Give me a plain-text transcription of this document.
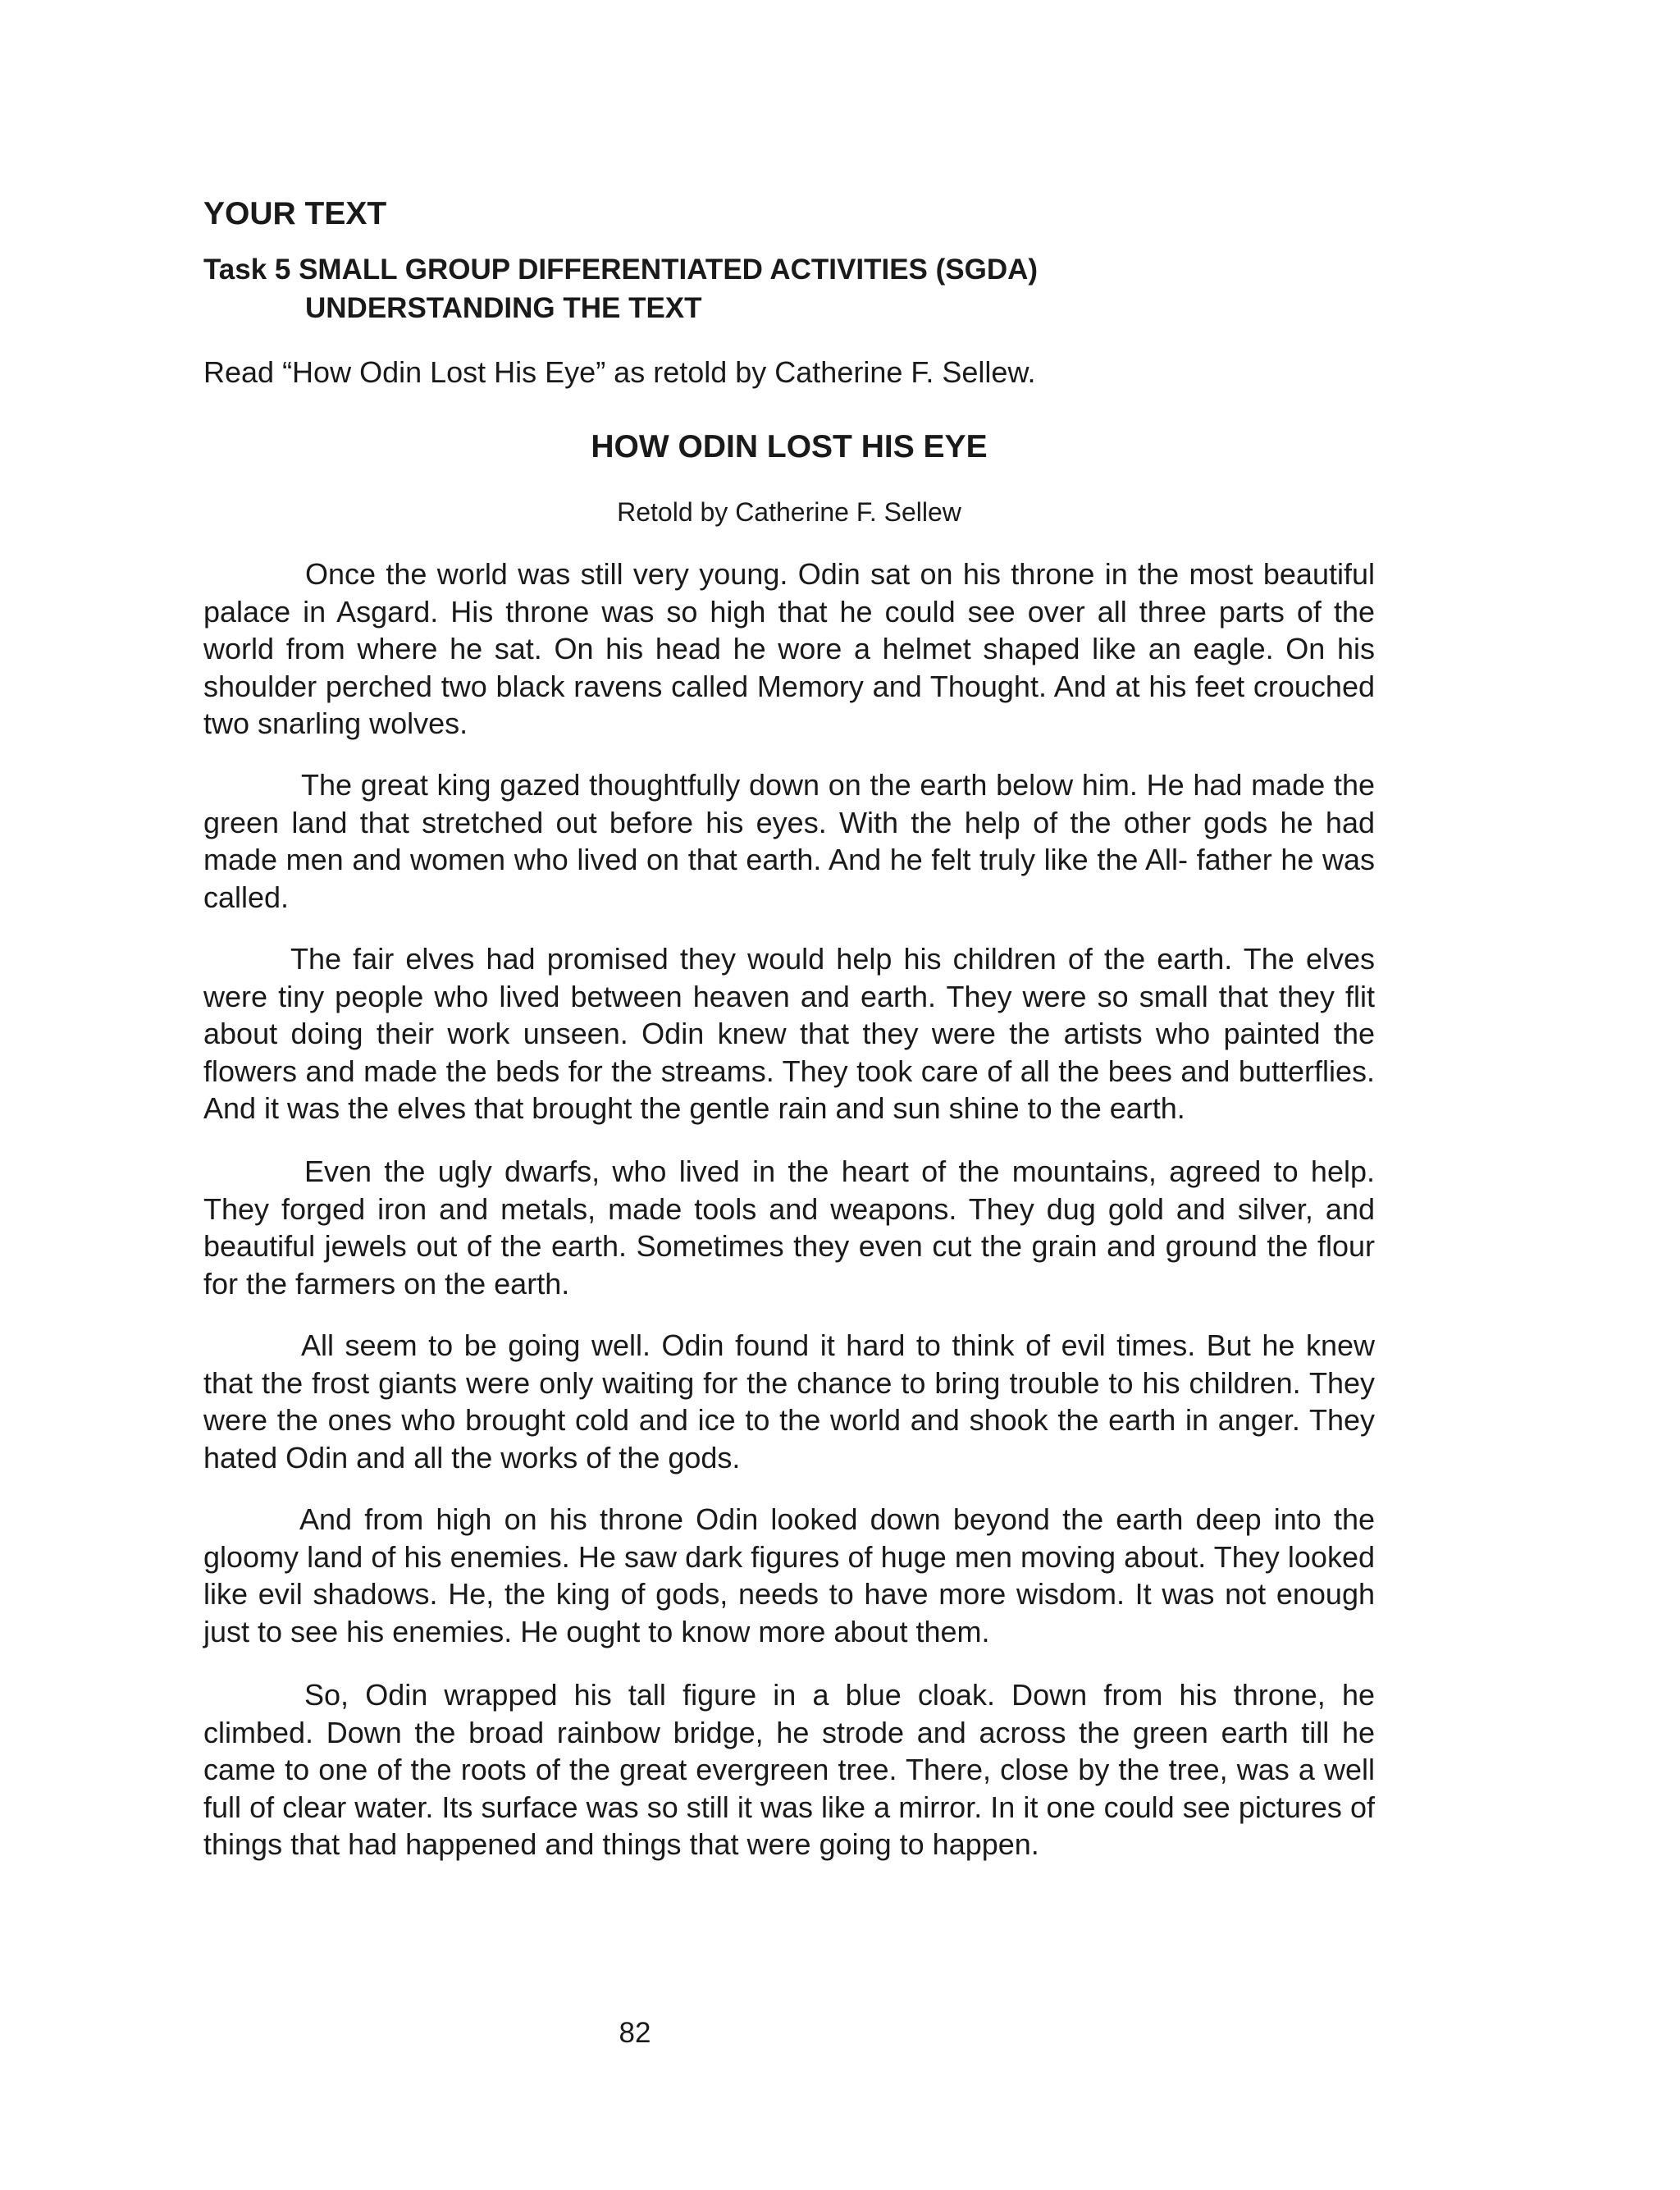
YOUR TEXT

Task 5 SMALL GROUP DIFFERENTIATED ACTIVITIES (SGDA)

UNDERSTANDING THE TEXT

Read “How Odin Lost His Eye” as retold by Catherine F. Sellew.

HOW ODIN LOST HIS EYE

Retold by Catherine F. Sellew

Once the world was still very young. Odin sat on his throne in the most beautiful palace in Asgard. His throne was so high that he could see over all three parts of the world from where he sat. On his head he wore a helmet shaped like an eagle. On his shoulder perched two black ravens called Memory and Thought. And at his feet crouched two snarling wolves.

The great king gazed thoughtfully down on the earth below him. He had made the green land that stretched out before his eyes. With the help of the other gods he had made men and women who lived on that earth. And he felt truly like the All- father he was called.

The fair elves had promised they would help his children of the earth. The elves were tiny people who lived between heaven and earth. They were so small that they flit about doing their work unseen. Odin knew that they were the artists who painted the flowers and made the beds for the streams. They took care of all the bees and butterflies. And it was the elves that brought the gentle rain and sun shine to the earth.

Even the ugly dwarfs, who lived in the heart of the mountains, agreed to help. They forged iron and metals, made tools and weapons. They dug gold and silver, and beautiful jewels out of the earth. Sometimes they even cut the grain and ground the flour for the farmers on the earth.

All seem to be going well. Odin found it hard to think of evil times. But he knew that the frost giants were only waiting for the chance to bring trouble to his children. They were the ones who brought cold and ice to the world and shook the earth in anger. They hated Odin and all the works of the gods.

And from high on his throne Odin looked down beyond the earth deep into the gloomy land of his enemies. He saw dark figures of huge men moving about. They looked like evil shadows. He, the king of gods, needs to have more wisdom. It was not enough just to see his enemies. He ought to know more about them.

So, Odin wrapped his tall figure in a blue cloak. Down from his throne, he climbed. Down the broad rainbow bridge, he strode and across the green earth till he came to one of the roots of the great evergreen tree. There, close by the tree, was a well full of clear water. Its surface was so still it was like a mirror. In it one could see pictures of things that had happened and things that were going to happen.

82
